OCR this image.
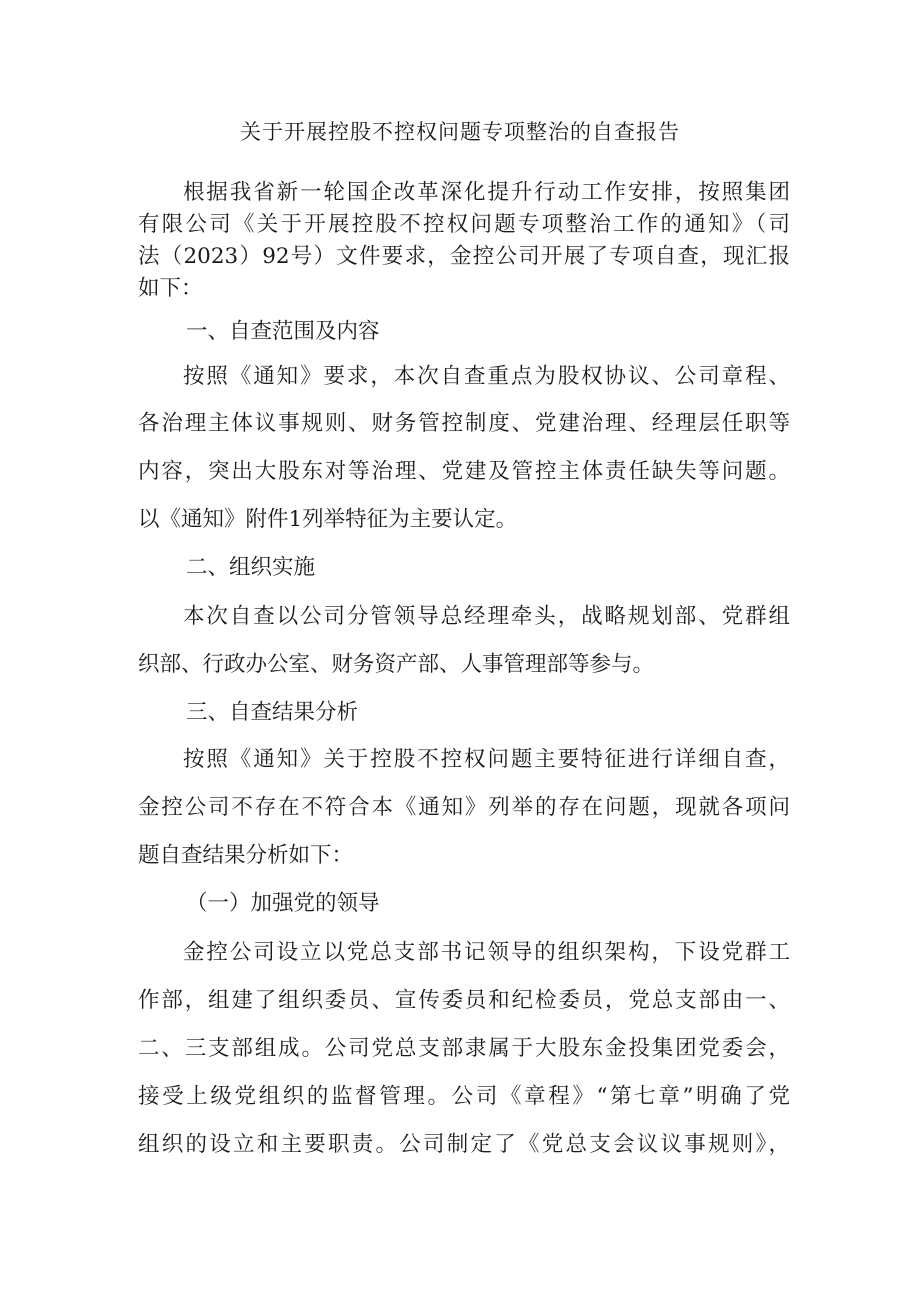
关于开展控股不控权问题专项整治的自查报告
根据我省新一轮国企改革深化提升行动工作安排，按照集团
有限公司《关于开展控股不控权问题专项整治工作的通知》（司
法（2023）92号）文件要求，金控公司开展了专项自查，现汇报
如下：
一、自查范围及内容
按照《通知》要求，本次自查重点为股权协议、公司章程、
各治理主体议事规则、财务管控制度、党建治理、经理层任职等
内容，突出大股东对等治理、党建及管控主体责任缺失等问题。
以《通知》附件1列举特征为主要认定。
二、组织实施
本次自查以公司分管领导总经理牵头，战略规划部、党群组
织部、行政办公室、财务资产部、人事管理部等参与。
三、自查结果分析
按照《通知》关于控股不控权问题主要特征进行详细自查，
金控公司不存在不符合本《通知》列举的存在问题，现就各项问
题自查结果分析如下：
（一）加强党的领导
金控公司设立以党总支部书记领导的组织架构，下设党群工
作部，组建了组织委员、宣传委员和纪检委员，党总支部由一、
二、三支部组成。公司党总支部隶属于大股东金投集团党委会，
接受上级党组织的监督管理。公司《章程》“第七章”明确了党
组织的设立和主要职责。公司制定了《党总支会议议事规则》，
